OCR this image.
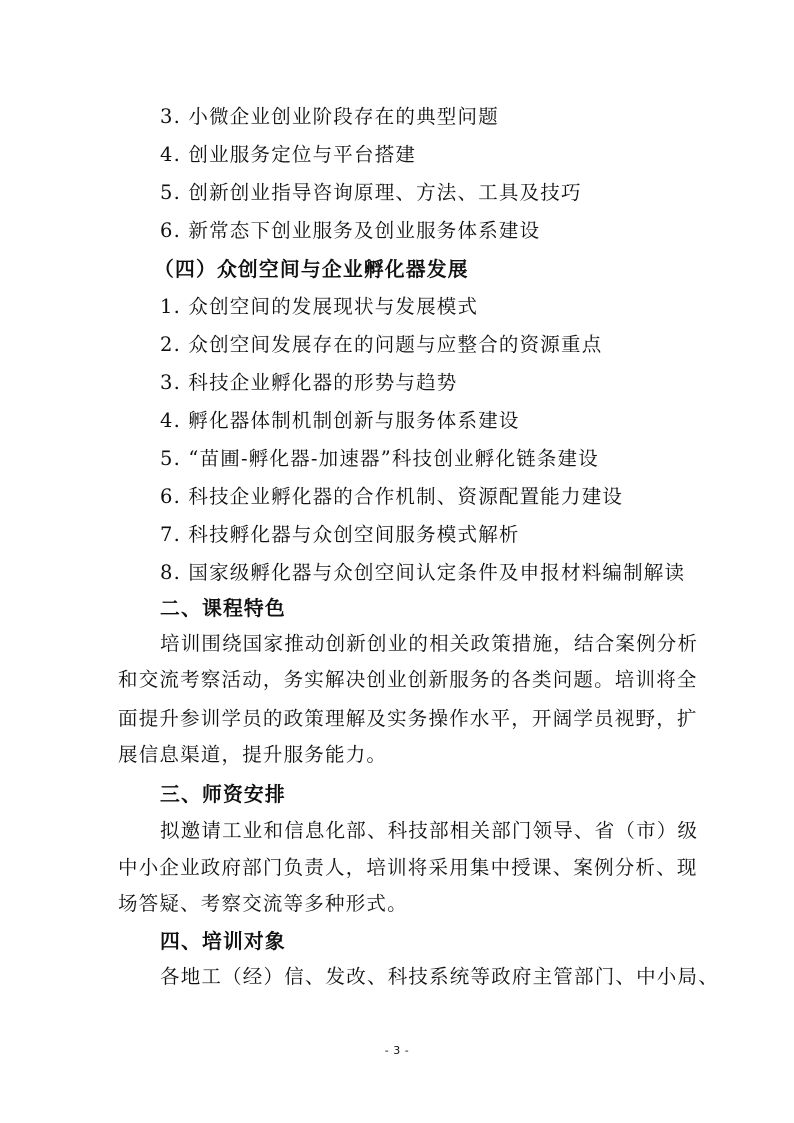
3. 小微企业创业阶段存在的典型问题
4. 创业服务定位与平台搭建
5. 创新创业指导咨询原理、方法、工具及技巧
6. 新常态下创业服务及创业服务体系建设
（四）众创空间与企业孵化器发展
1. 众创空间的发展现状与发展模式
2. 众创空间发展存在的问题与应整合的资源重点
3. 科技企业孵化器的形势与趋势
4. 孵化器体制机制创新与服务体系建设
5. “苗圃-孵化器-加速器”科技创业孵化链条建设
6. 科技企业孵化器的合作机制、资源配置能力建设
7. 科技孵化器与众创空间服务模式解析
8. 国家级孵化器与众创空间认定条件及申报材料编制解读
二、课程特色
培训围绕国家推动创新创业的相关政策措施，结合案例分析
和交流考察活动，务实解决创业创新服务的各类问题。培训将全
面提升参训学员的政策理解及实务操作水平，开阔学员视野，扩
展信息渠道，提升服务能力。
三、师资安排
拟邀请工业和信息化部、科技部相关部门领导、省（市）级
中小企业政府部门负责人，培训将采用集中授课、案例分析、现
场答疑、考察交流等多种形式。
四、培训对象
各地工（经）信、发改、科技系统等政府主管部门、中小局、
- 3 -
